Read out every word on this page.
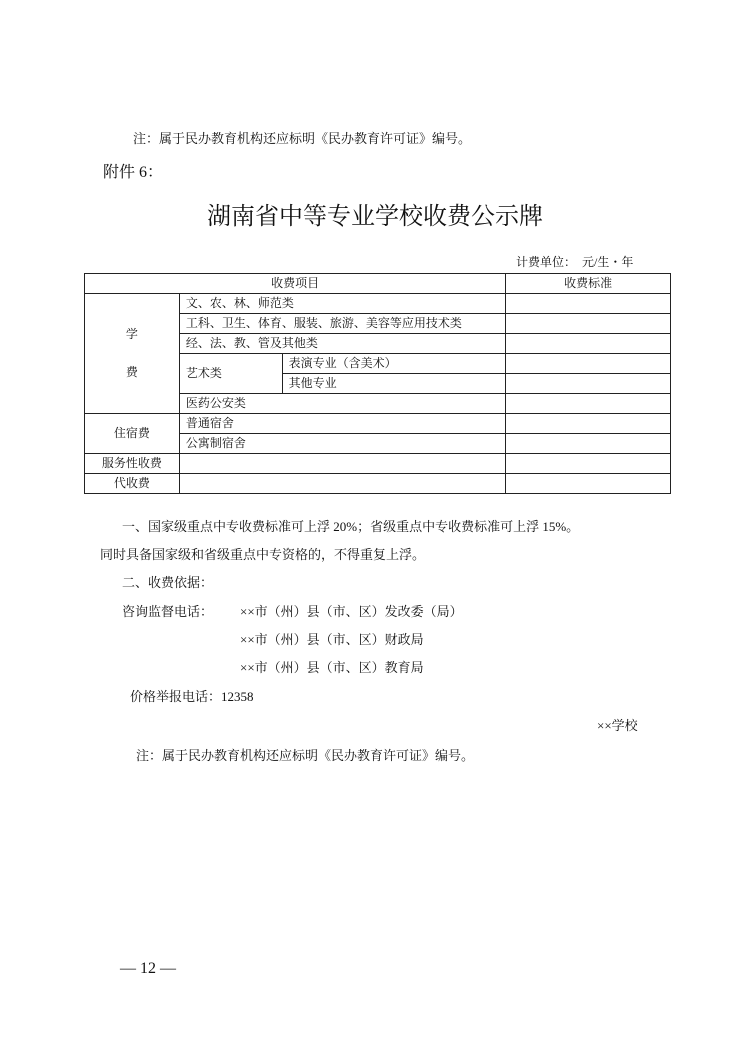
注：属于民办教育机构还应标明《民办教育许可证》编号。
附件 6：
湖南省中等专业学校收费公示牌
计费单位：　元/生・年
收费项目			收费标准
学

费	文、农、林、师范类		
	工科、卫生、体育、服装、旅游、美容等应用技术类		
	经、法、教、管及其他类		
	艺术类	表演专业（含美术）	
		其他专业	
	医药公安类		
住宿费	普通宿舍		
	公寓制宿舍		
服务性收费			
代收费			
一、国家级重点中专收费标准可上浮 20%；省级重点中专收费标准可上浮 15%。
同时具备国家级和省级重点中专资格的，不得重复上浮。
二、收费依据：
咨询监督电话： ××市（州）县（市、区）发改委（局）
××市（州）县（市、区）财政局
××市（州）县（市、区）教育局
价格举报电话：12358
××学校
注：属于民办教育机构还应标明《民办教育许可证》编号。
— 12 —
